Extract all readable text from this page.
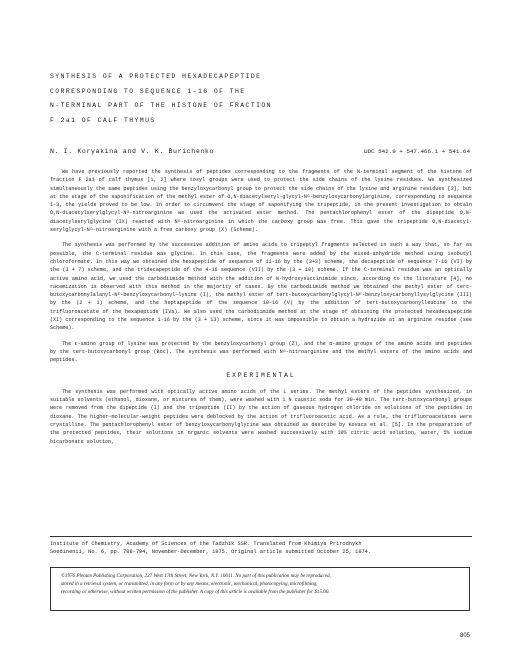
SYNTHESIS OF A PROTECTED HEXADECAPEPTIDE
CORRESPONDING TO SEQUENCE 1-16 OF THE
N-TERMINAL PART OF THE HISTONE OF FRACTION
F 2a1 OF CALF THYMUS
N. I. Koryakina and V. K. Burichenko	UDC 542.9 + 547.466.1 + 541.64

We have previously reported the synthesis of peptides corresponding to the fragments of the N-terminal segment of the histone of fraction F 2a1 of calf thymus [1, 2] where tosyl groups were used to protect the side chains of the lysine residues. We synthesized simultaneously the same peptides using the benzyloxycarbonyl group to protect the side chains of the lysine and arginine residues [3], but at the stage of the saponification of the methyl ester of O,N-diacetylseryl-glycyl-Nᴳ-benzyloxycarbonylarginine, corresponding to sequence 1-3, the yields proved to be low. In order to circumvent the stage of saponifying the tripeptide, in the present investigation to obtain O,N-diacetylserylglycyl-Nᴳ-nitroarginine we used the activated ester method. The pentachlorophenyl ester of the dipeptide O,N-diacetylserylglycine (IX) reacted with Nᴳ-nitroarginine in which the carboxy group was free. This gave the tripeptide O,N-diacetyl-serylglycyl-Nᴳ-nitroarginine with a free carboxy group (X) (Scheme).

The synthesis was performed by the successive addition of amino acids to tripeptyl fragments selected in such a way that, so far as possible, the C-terminal residue was glycine. In this case, the fragments were added by the mixed-anhydride method using isobutyl chloroformate. In this way we obtained the hexapeptide of sequence of 11-16 by the (3+3) scheme, the decapeptide of sequence 7-16 (VI) by the (3 + 7) scheme, and the tridecapeptide of the 4-16 sequence (VII) by the (3 + 10) scheme. If the C-terminal residue was an optically active amino acid, we used the carbodiimide method with the addition of N-hydroxysuccinimide since, according to the literature [4], no racemization is observed with this method in the majority of cases. By the carbodiimide method we obtained the methyl ester of tert-butoxycarbonylalanyl-Nᴱ-benzyloxycarbonyl-lysine (I), the methyl ester of tert-butoxycarbonylglycyl-Nᴱ-benzyloxycarbonyllysylglycine (III) by the (2 + 1) scheme, and the heptapeptide of the sequence 10-16 (V) by the addition of tert-butoxycarbonylleucine to the trifluoroacetate of the hexapeptide (IVa). We also used the carbodiimide method at the stage of obtaining the protected hexadecapeptide (XI) corresponding to the sequence 1-16 by the (3 + 13) scheme, since it was impossible to obtain a hydrazide at an arginine residue (see Scheme).

The ε-amino group of lysine was protected by the benzyloxycarbonyl group (Z), and the α-amino groups of the amino acids and peptides by the tert-butoxycarbonyl group (Boc). The synthesis was performed with Nᴳ-nitroarginine and the methyl esters of the amino acids and peptides.

EXPERIMENTAL

The synthesis was performed with optically active amino acids of the L series. The methyl esters of the peptides synthesized, in suitable solvents (ethanol, dioxane, or mixtures of them), were washed with 1 N caustic soda for 30-40 min. The tert-butoxycarbonyl groups were removed from the dipeptide (I) and the tripeptide (II) by the action of gaseous hydrogen chloride on solutions of the peptides in dioxane. The higher-molecular-weight peptides were deblocked by the action of trifluoroacetic acid. As a rule, the trifluoroacetates were crystalline. The pentachlorophenyl ester of benzyloxycarbonylglycine was obtained as describe by Kovacs et al. [5]. In the preparation of the protected peptides, their solutions in organic solvents were washed successively with 10% citric acid solution, water, 5% sodium bicarbonate solution,

Institute of Chemistry, Academy of Sciences of the Tadzhik SSR. Translated from Khimiya Prirodnykh
Soedinenii, No. 6, pp. 788-794, November-December, 1975. Original article submitted October 25, 1974.
©1976 Plenum Publishing Corporation, 227 West 17th Street, New York, N.Y. 10011. No part of this publication may be reproduced,
stored in a retrieval system, or transmitted, in any form or by any means, electronic, mechanical, photocopying, microfilming,
recording or otherwise, without written permission of the publisher. A copy of this article is available from the publisher for $15.00.
805
